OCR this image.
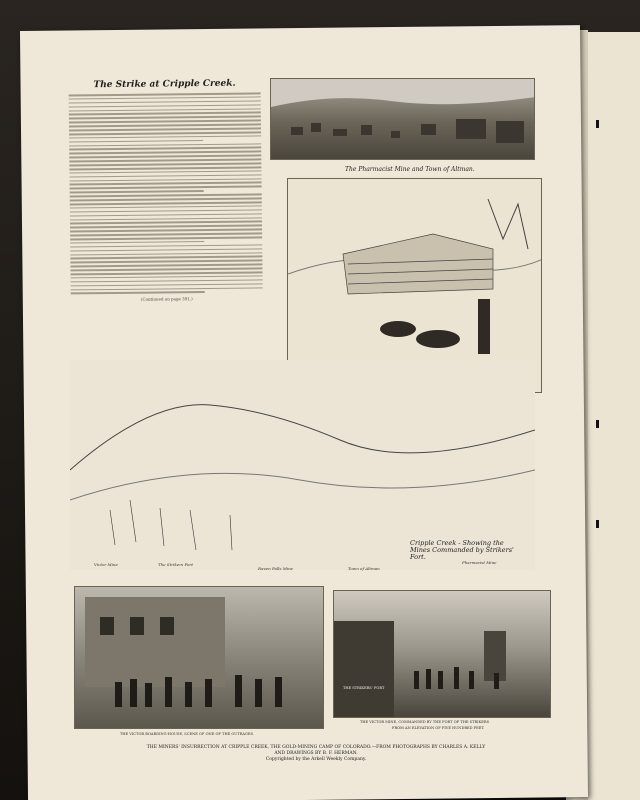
The Strike at Cripple Creek.
(Continued on page 391.)
The Pharmacist Mine and Town of Altman.
Victor Mine	The Strikers Fort
Raven Falls Mine	Town of Altman
Pharmacist Mine
Cripple Creek - Showing the Mines Commanded by Strikers' Fort.
THE VICTOR BOARDING-HOUSE, SCENE OF ONE OF THE OUTRAGES.
THE STRIKERS' FORT
THE VICTOR MINE, COMMANDED BY THE FORT OF THE STRIKERS
FROM AN ELEVATION OF FIVE HUNDRED FEET.
THE MINERS' INSURRECTION AT CRIPPLE CREEK, THE GOLD-MINING CAMP OF COLORADO.—FROM PHOTOGRAPHS BY CHARLES A. KELLY
AND DRAWINGS BY B. F. HERMAN.
Copyrighted by the Arkell Weekly Company.
